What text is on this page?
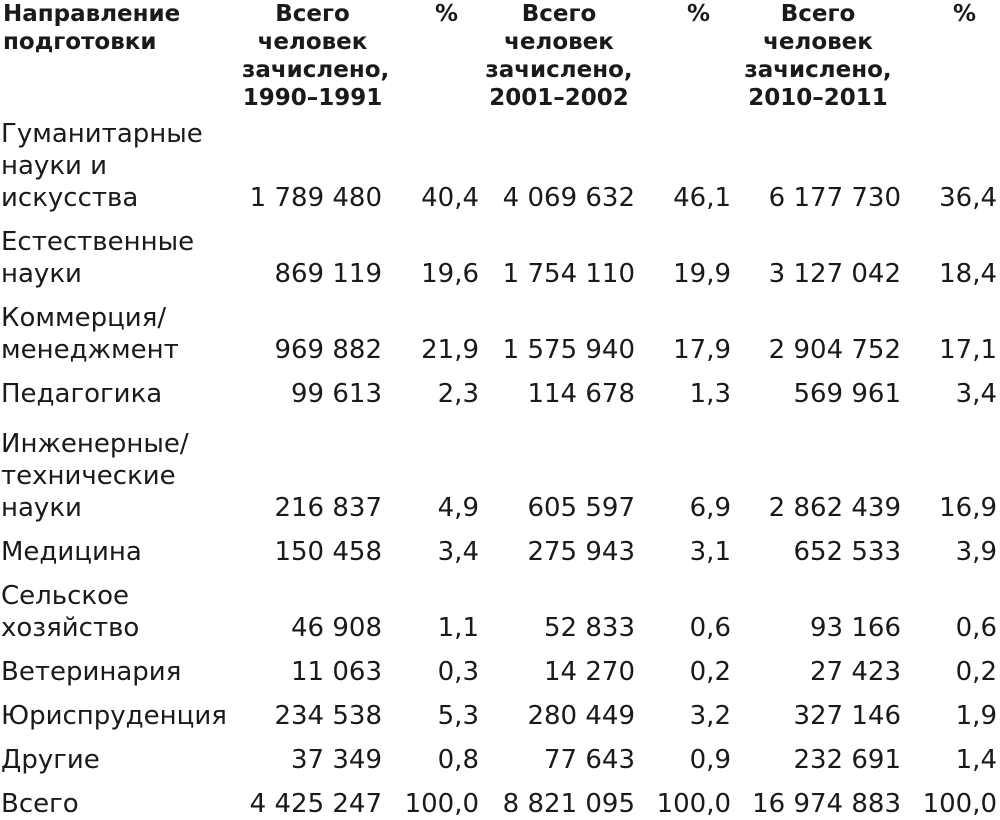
Направление подготовки	Всего человек зачислено, 1990–1991	%	Всего человек зачислено, 2001–2002	%	Всего человек зачислено, 2010–2011	%
Гуманитарные науки и искусства	1 789 480	40,4	4 069 632	46,1	6 177 730	36,4
Естественные науки	869 119	19,6	1 754 110	19,9	3 127 042	18,4
Коммерция/ менеджмент	969 882	21,9	1 575 940	17,9	2 904 752	17,1
Педагогика	99 613	2,3	114 678	1,3	569 961	3,4
Инженерные/ технические науки	216 837	4,9	605 597	6,9	2 862 439	16,9
Медицина	150 458	3,4	275 943	3,1	652 533	3,9
Сельское хозяйство	46 908	1,1	52 833	0,6	93 166	0,6
Ветеринария	11 063	0,3	14 270	0,2	27 423	0,2
Юриспруденция	234 538	5,3	280 449	3,2	327 146	1,9
Другие	37 349	0,8	77 643	0,9	232 691	1,4
Всего	4 425 247	100,0	8 821 095	100,0	16 974 883	100,0
